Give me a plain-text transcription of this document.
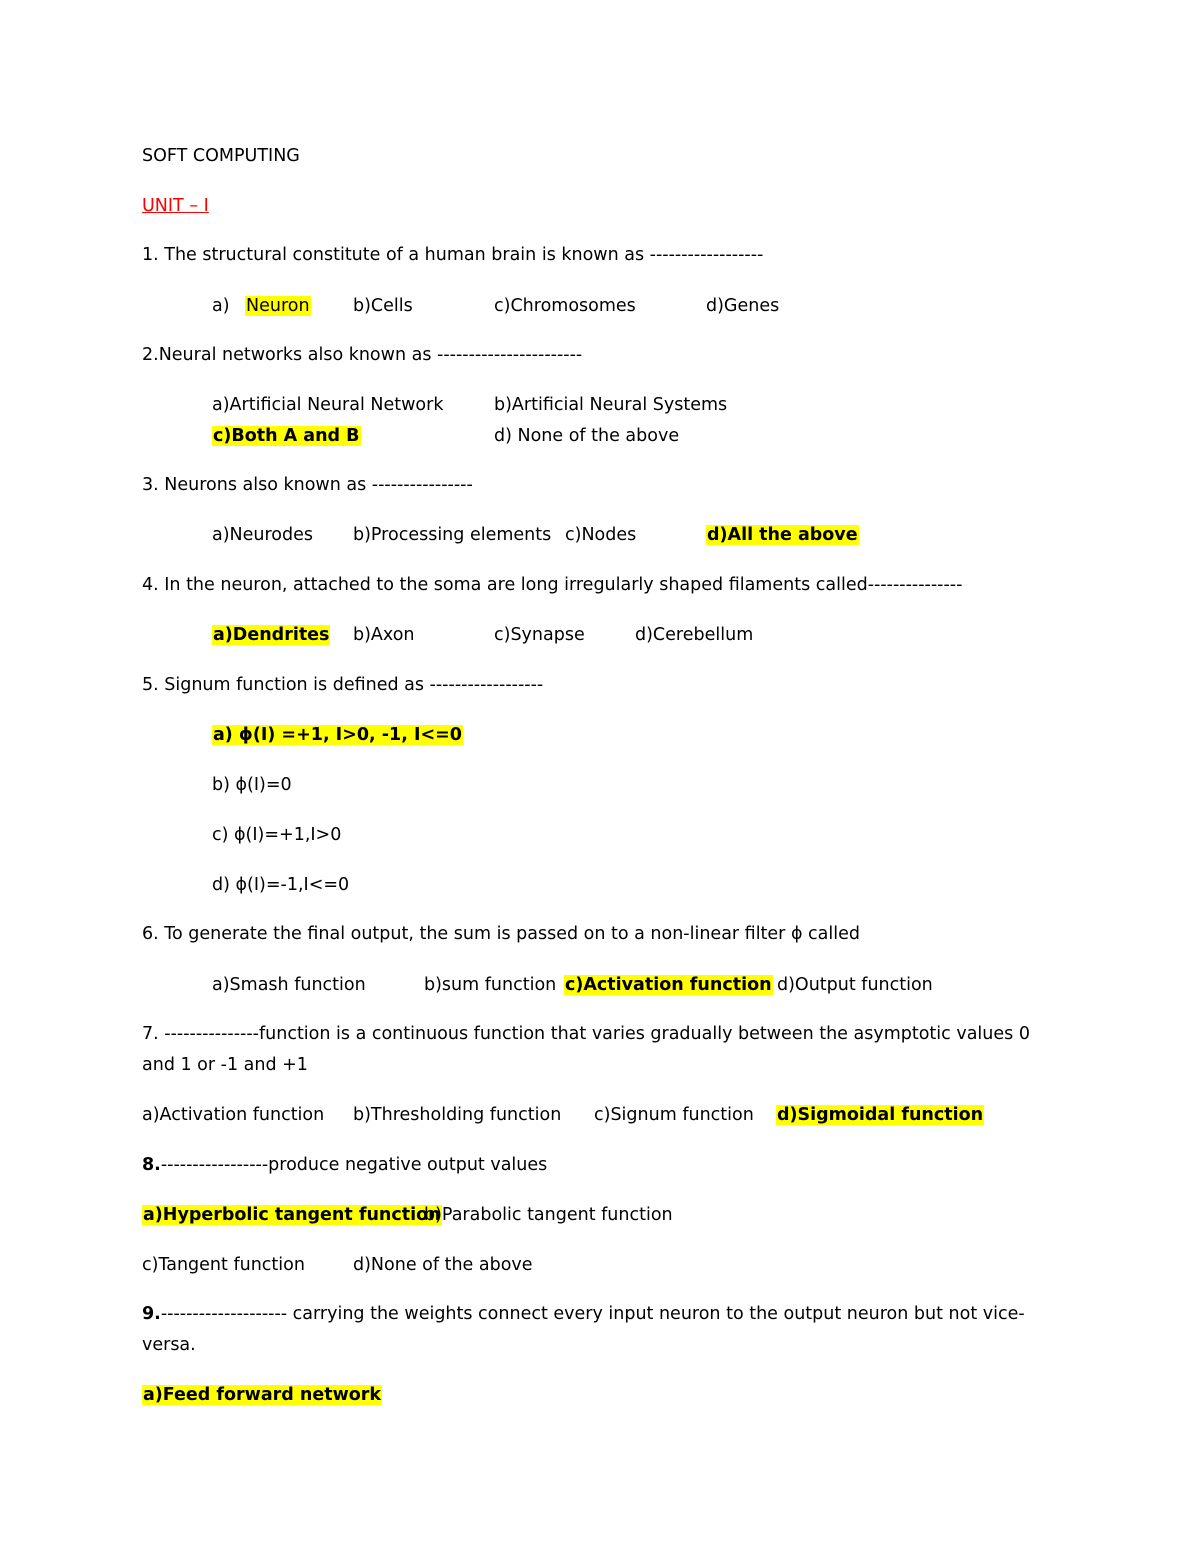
SOFT COMPUTING
UNIT – I
1. The structural constitute of a human brain is known as ------------------
a) Neuron b)Cells	c)Chromosomes	d)Genes
2.Neural networks also known as -----------------------
a)Artificial Neural Network	b)Artificial Neural Systems
c)Both A and B	d) None of the above
3. Neurons also known as ----------------
a)Neurodes b)Processing elements c)Nodes	d)All the above
4. In the neuron, attached to the soma are long irregularly shaped filaments called---------------
a)Dendrites b)Axon	c)Synapse	d)Cerebellum
5. Signum function is defined as ------------------
a) ϕ(I) =+1, I>0, -1, I<=0
b) ϕ(I)=0
c) ϕ(I)=+1,I>0
d) ϕ(I)=-1,I<=0
6. To generate the final output, the sum is passed on to a non-linear filter ϕ called
a)Smash function	b)sum function c)Activation function d)Output function
7. ---------------function is a continuous function that varies gradually between the asymptotic values 0
and 1 or -1 and +1
a)Activation function b)Thresholding function c)Signum function d)Sigmoidal function
8.-----------------produce negative output values
a)Hyperbolic tangent function
b)Parabolic tangent function
c)Tangent function	d)None of the above
9.-------------------- carrying the weights connect every input neuron to the output neuron but not vice-
versa.
a)Feed forward network
